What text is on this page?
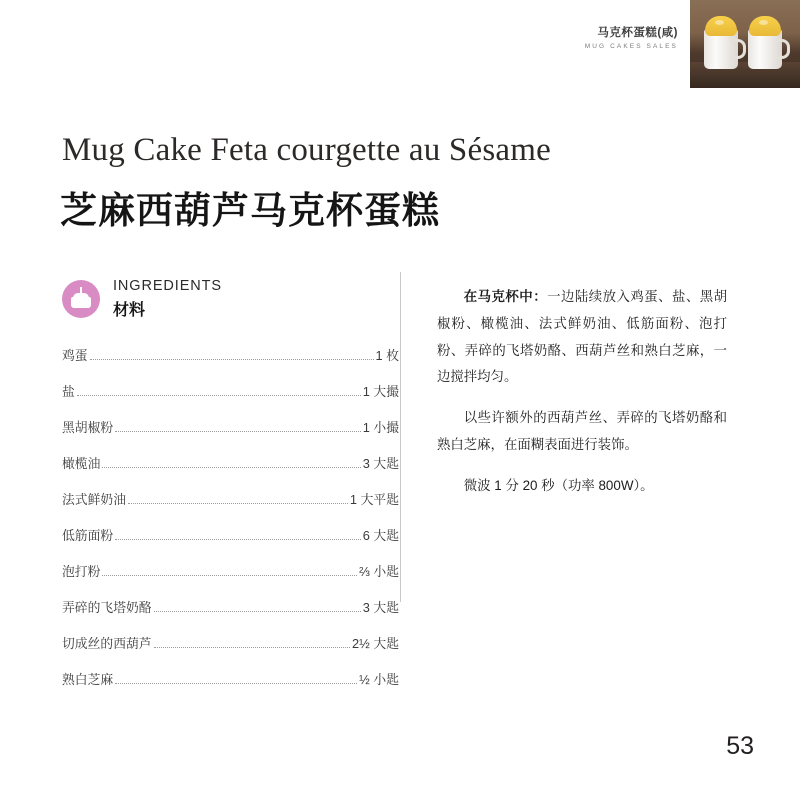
马克杯蛋糕(咸)
MUG CAKES SALES
Mug Cake Feta courgette au Sésame
芝麻西葫芦马克杯蛋糕
INGREDIENTS
材料
鸡蛋	1 枚
盐	1 大撮
黑胡椒粉	1 小撮
橄榄油	3 大匙
法式鲜奶油	1 大平匙
低筋面粉	6 大匙
泡打粉	⅔ 小匙
弄碎的飞塔奶酪	3 大匙
切成丝的西葫芦	2½ 大匙
熟白芝麻	½ 小匙

在马克杯中：一边陆续放入鸡蛋、盐、黑胡椒粉、橄榄油、法式鲜奶油、低筋面粉、泡打粉、弄碎的飞塔奶酪、西葫芦丝和熟白芝麻，一边搅拌均匀。

以些许额外的西葫芦丝、弄碎的飞塔奶酪和熟白芝麻，在面糊表面进行装饰。

微波 1 分 20 秒（功率 800W）。

53
